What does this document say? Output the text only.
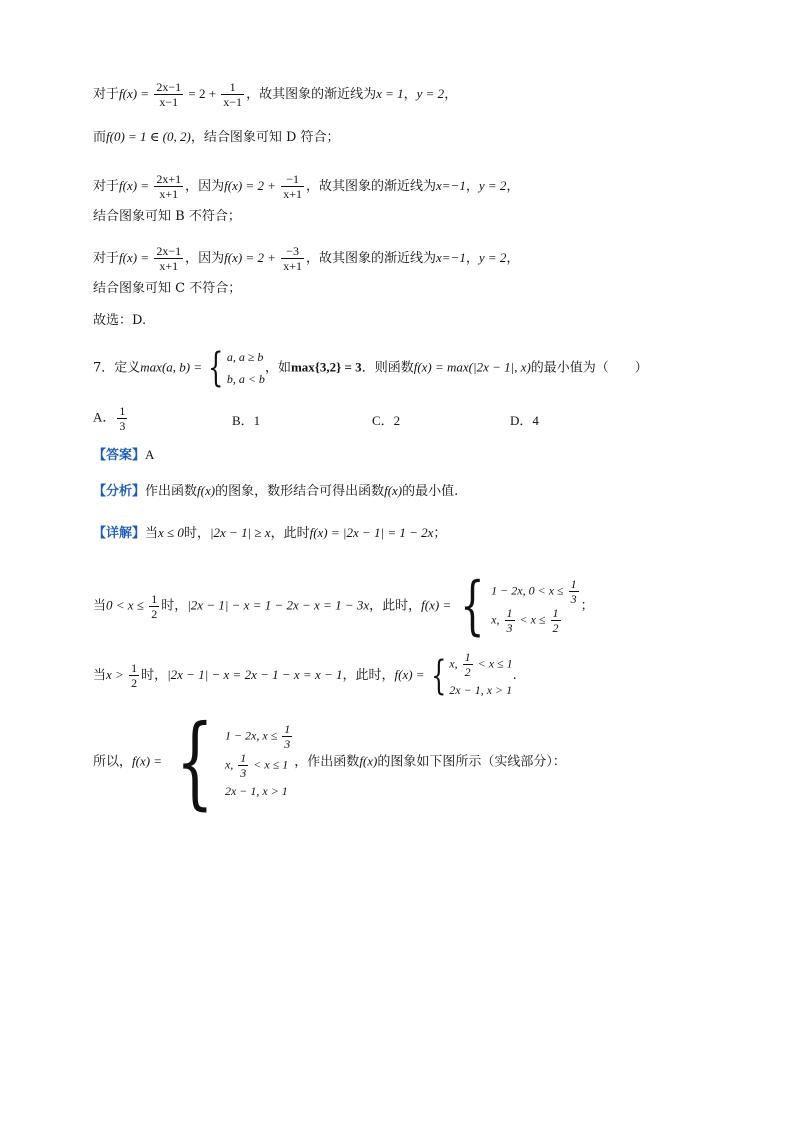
对于$f(x) = \frac{2x-1}{x-1} = 2 + \frac{1}{x-1}$ ，故其图象的渐近线为x = 1，y = 2，
而f(0) = 1 ∈ (0, 2)，结合图象可知 D 符合；
对于$f(x) = \frac{2x+1}{x+1}$ ，因为$f(x) = 2 + \frac{-1}{x+1}$ ，故其图象的渐近线为x=−1，y = 2，
结合图象可知 B 不符合；
对于$f(x) = \frac{2x-1}{x+1}$ ，因为$f(x) = 2 + \frac{-3}{x+1}$ ，故其图象的渐近线为x=−1，y = 2，
结合图象可知 C 不符合；
故选：D.
7．定义max(a, b) = { a, a ≥ b
b, a < b
，如max{3,2} = 3．则函数f(x) = max(|2x − 1|, x)的最小值为（　　）
A． $\frac{1}{3}$	B．1	C．2	D．4
【答案】A
【分析】作出函数f(x)的图象，数形结合可得出函数f(x)的最小值.
【详解】当x ≤ 0时，|2x − 1| ≥ x，此时f(x) = |2x − 1| = 1 − 2x；
当$0 < x \le \frac{1}{2}$ 时，|2x − 1| − x = 1 − 2x − x = 1 − 3x，此时，f(x) = { 1 − 2x, $0 < x \le \frac{1}{3}$
x, $\frac{1}{3} < x \le \frac{1}{2}$ ；
当$x > \frac{1}{2}$ 时，|2x − 1| − x = 2x − 1 − x = x − 1，此时，f(x) = { x, $\frac{1}{2} < x \le 1$
2x − 1, x > 1
.
所以，f(x) = { 1 − 2x, $x \le \frac{1}{3}$
x, $\frac{1}{3} < x \le 1$
2x − 1, x > 1
，作出函数f(x)的图象如下图所示（实线部分）：
